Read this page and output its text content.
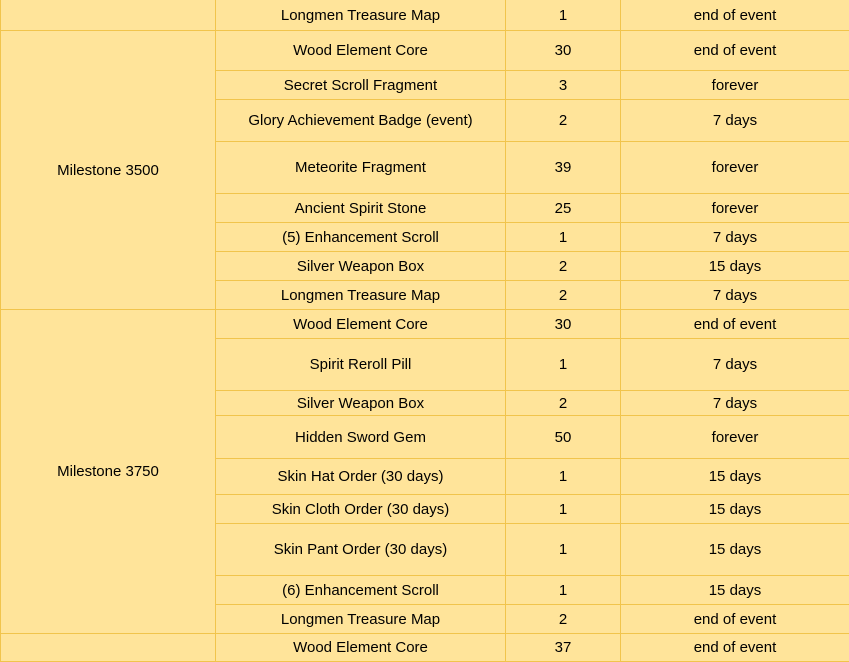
	Longmen Treasure Map	1	end of event
Milestone 3500	Wood Element Core	30	end of event
	Secret Scroll Fragment	3	forever
	Glory Achievement Badge (event)	2	7 days
	Meteorite Fragment	39	forever
	Ancient Spirit Stone	25	forever
	(5) Enhancement Scroll	1	7 days
	Silver Weapon Box	2	15 days
	Longmen Treasure Map	2	7 days
Milestone 3750	Wood Element Core	30	end of event
	Spirit Reroll Pill	1	7 days
	Silver Weapon Box	2	7 days
	Hidden Sword Gem	50	forever
	Skin Hat Order (30 days)	1	15 days
	Skin Cloth Order (30 days)	1	15 days
	Skin Pant Order (30 days)	1	15 days
	(6) Enhancement Scroll	1	15 days
	Longmen Treasure Map	2	end of event
	Wood Element Core	37	end of event
